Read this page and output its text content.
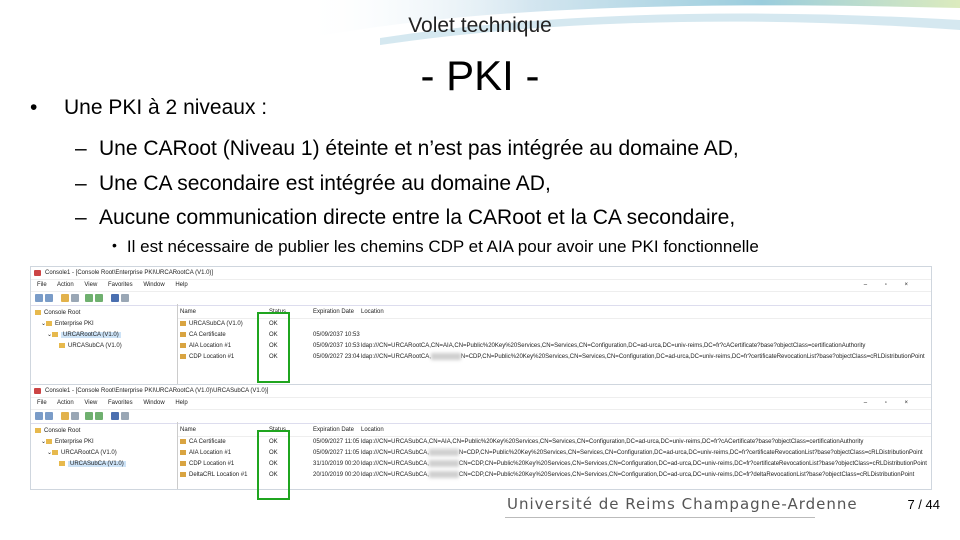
Volet technique
- PKI -
• Une PKI à 2 niveaux :
– Une CARoot (Niveau 1) éteinte et n’est pas intégrée au domaine AD,
– Une CA secondaire est intégrée au domaine AD,
– Aucune communication directe entre la CARoot et la CA secondaire,
• Il est nécessaire de publier les chemins CDP et AIA pour avoir une PKI fonctionnelle
Console1 - [Console Root\Enterprise PKI\URCARootCA (V1.0)]
File Action View Favorites Window Help	– ▫ ×
Console Root
⌄ Enterprise PKI
⌄ URCARootCA (V1.0)
URCASubCA (V1.0)
Name	Status	Expiration Date Location
URCASubCA (V1.0)	OK
CA Certificate	OK	05/09/2037 10:53
AIA Location #1	OK	05/09/2037 10:53 ldap:///CN=URCARootCA,CN=AIA,CN=Public%20Key%20Services,CN=Services,CN=Configuration,DC=ad-urca,DC=univ-reims,DC=fr?cACertificate?base?objectClass=certificationAuthority
CDP Location #1	OK	05/09/2027 23:04 ldap:///CN=URCARootCA,	N=CDP,CN=Public%20Key%20Services,CN=Services,CN=Configuration,DC=ad-urca,DC=univ-reims,DC=fr?certificateRevocationList?base?objectClass=cRLDistributionPoint
Console1 - [Console Root\Enterprise PKI\URCARootCA (V1.0)\URCASubCA (V1.0)]
File Action View Favorites Window Help	– ▫ ×
Console Root
⌄ Enterprise PKI
⌄ URCARootCA (V1.0)
URCASubCA (V1.0)
Name	Status	Expiration Date Location
CA Certificate	OK	05/09/2027 11:05 ldap:///CN=URCASubCA,CN=AIA,CN=Public%20Key%20Services,CN=Services,CN=Configuration,DC=ad-urca,DC=univ-reims,DC=fr?cACertificate?base?objectClass=certificationAuthority
AIA Location #1	OK	05/09/2027 11:05 ldap:///CN=URCASubCA,	N=CDP,CN=Public%20Key%20Services,CN=Services,CN=Configuration,DC=ad-urca,DC=univ-reims,DC=fr?certificateRevocationList?base?objectClass=cRLDistributionPoint
CDP Location #1	OK	31/10/2019 00:20 ldap:///CN=URCASubCA,	CN=CDP,CN=Public%20Key%20Services,CN=Services,CN=Configuration,DC=ad-urca,DC=univ-reims,DC=fr?certificateRevocationList?base?objectClass=cRLDistributionPoint
DeltaCRL Location #1	OK	20/10/2019 00:20 ldap:///CN=URCASubCA,	CN=CDP,CN=Public%20Key%20Services,CN=Services,CN=Configuration,DC=ad-urca,DC=univ-reims,DC=fr?deltaRevocationList?base?objectClass=cRLDistributionPoint
Université de Reims Champagne-Ardenne	7 / 44
